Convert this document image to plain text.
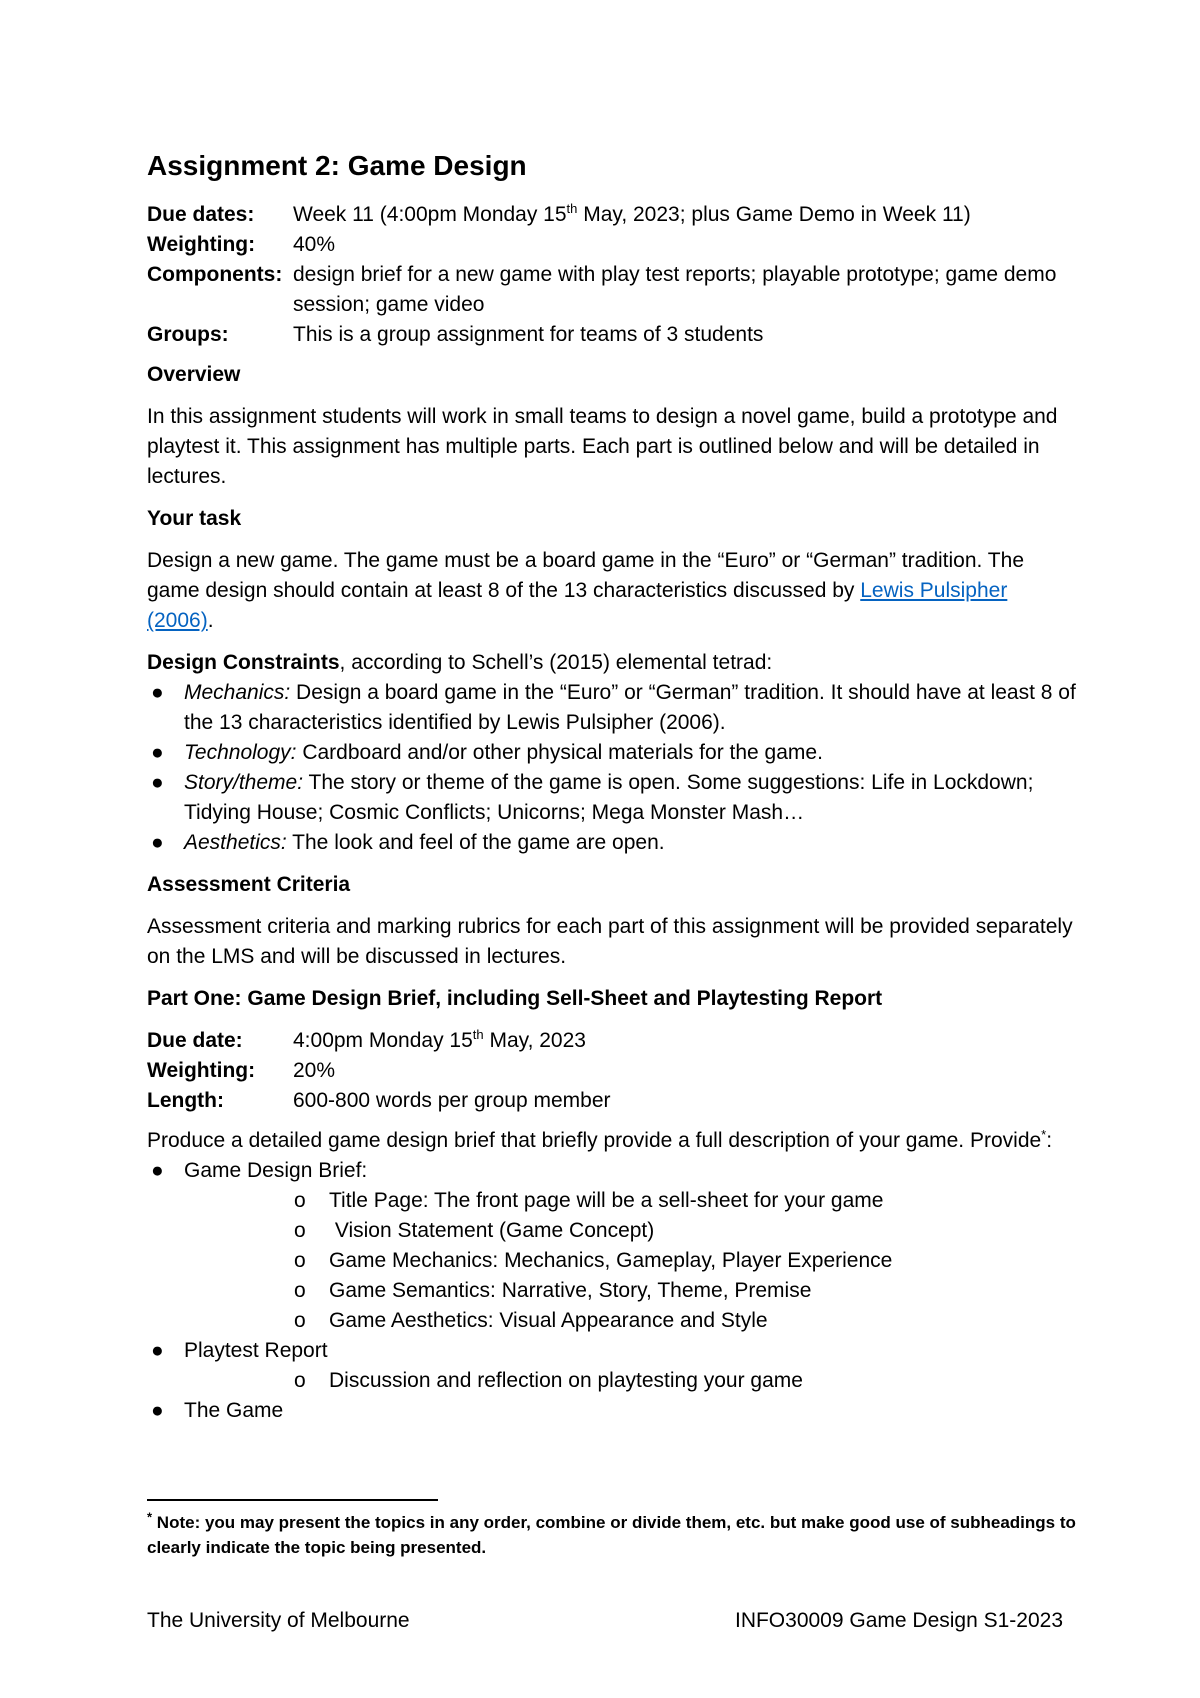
Assignment 2: Game Design
Due dates:	Week 11 (4:00pm Monday 15th May, 2023; plus Game Demo in Week 11)
Weighting:	40%
Components: design brief for a new game with play test reports; playable prototype; game demo session; game video
Groups:	This is a group assignment for teams of 3 students
Overview

In this assignment students will work in small teams to design a novel game, build a prototype and playtest it. This assignment has multiple parts. Each part is outlined below and will be detailed in lectures.

Your task

Design a new game. The game must be a board game in the “Euro” or “German” tradition. The game design should contain at least 8 of the 13 characteristics discussed by Lewis Pulsipher (2006).

Design Constraints, according to Schell’s (2015) elemental tetrad:
● Mechanics: Design a board game in the “Euro” or “German” tradition. It should have at least 8 of the 13 characteristics identified by Lewis Pulsipher (2006).
● Technology: Cardboard and/or other physical materials for the game.
● Story/theme: The story or theme of the game is open. Some suggestions: Life in Lockdown; Tidying House; Cosmic Conflicts; Unicorns; Mega Monster Mash…
● Aesthetics: The look and feel of the game are open.
Assessment Criteria

Assessment criteria and marking rubrics for each part of this assignment will be provided separately on the LMS and will be discussed in lectures.

Part One: Game Design Brief, including Sell-Sheet and Playtesting Report
Due date:	4:00pm Monday 15th May, 2023
Weighting:	20%
Length:	600-800 words per group member
Produce a detailed game design brief that briefly provide a full description of your game. Provide*:
● Game Design Brief:
o Title Page: The front page will be a sell-sheet for your game
o Vision Statement (Game Concept)
o Game Mechanics: Mechanics, Gameplay, Player Experience
o Game Semantics: Narrative, Story, Theme, Premise
o Game Aesthetics: Visual Appearance and Style
● Playtest Report
o Discussion and reflection on playtesting your game
● The Game
* Note: you may present the topics in any order, combine or divide them, etc. but make good use of subheadings to clearly indicate the topic being presented.
The University of Melbourne	INFO30009 Game Design S1-2023
